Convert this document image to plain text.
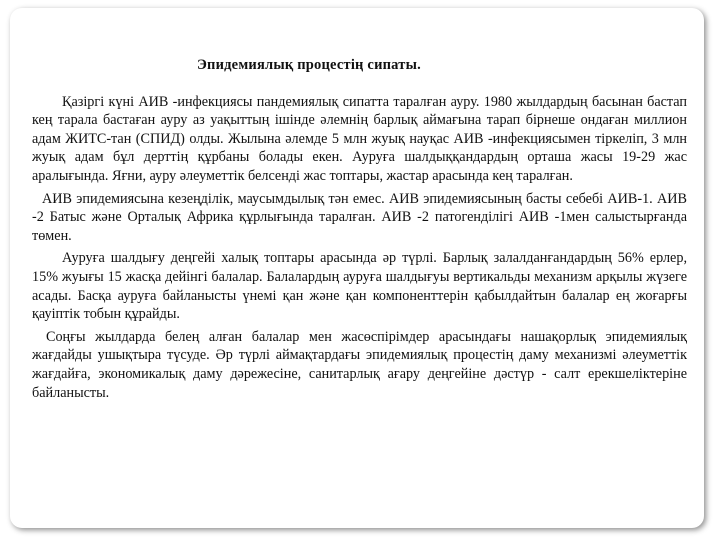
Эпидемиялық процестің сипаты.

Қазіргі күні АИВ -инфекциясы пандемиялық сипатта таралған ауру. 1980 жылдардың басынан бастап кең тарала бастаған ауру аз уақыттың ішінде әлемнің барлық аймағына тарап бірнеше ондаған миллион адам ЖИТС-тан (СПИД) олды. Жылына әлемде 5 млн жуық науқас АИВ -инфекциясымен тіркеліп, 3 млн жуық адам бұл дерттің құрбаны болады екен. Ауруға шалдыққандардың орташа жасы 19-29 жас аралығында. Яғни, ауру әлеуметтік белсенді жас топтары, жастар арасында кең таралған.

АИВ эпидемиясына кезеңділік, маусымдылық тән емес. АИВ эпидемиясының басты себебі АИВ-1. АИВ -2 Батыс және Орталық Африка құрлығында таралған. АИВ -2 патогенділігі АИВ -1мен салыстырғанда төмен.

Ауруға шалдығу деңгейі халық топтары арасында әр түрлі. Барлық залалданғандардың 56% ерлер, 15% жуығы 15 жасқа дейінгі балалар. Балалардың ауруға шалдығуы вертикальды механизм арқылы жүзеге асады. Басқа ауруға байланысты үнемі қан және қан компоненттерін қабылдайтын балалар ең жоғарғы қауіптік тобын құрайды.

Соңғы жылдарда белең алған балалар мен жасөспірімдер арасындағы нашақорлық эпидемиялық жағдайды ушықтыра түсуде. Әр түрлі аймақтардағы эпидемиялық процестің даму механизмі әлеуметтік жағдайға, экономикалық даму дәрежесіне, санитарлық ағару деңгейіне дәстүр - салт ерекшеліктеріне байланысты.
